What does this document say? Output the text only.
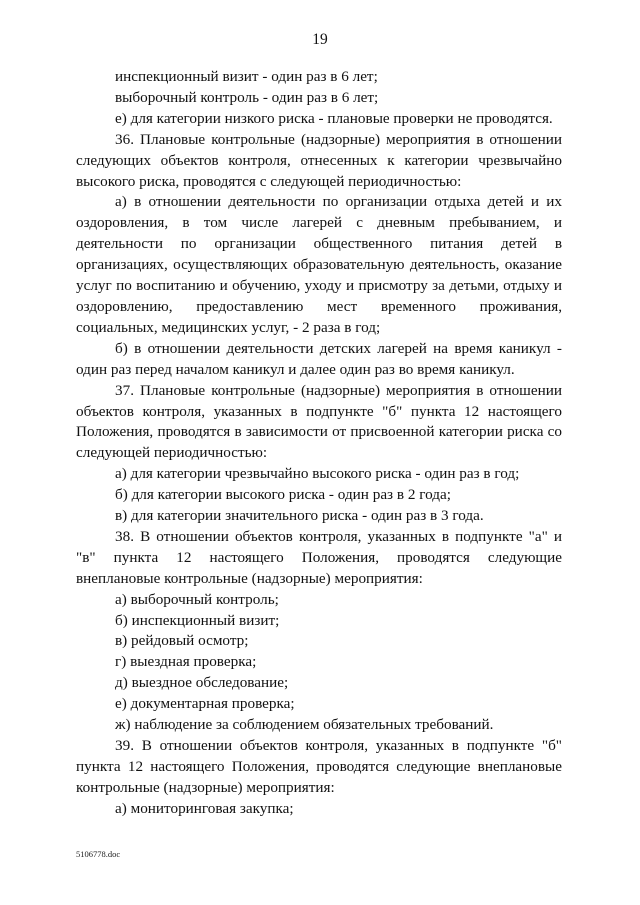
19

инспекционный визит - один раз в 6 лет;

выборочный контроль - один раз в 6 лет;

е) для категории низкого риска - плановые проверки не проводятся.

36. Плановые контрольные (надзорные) мероприятия в отношении следующих объектов контроля, отнесенных к категории чрезвычайно высокого риска, проводятся с следующей периодичностью:

а) в отношении деятельности по организации отдыха детей и их оздоровления, в том числе лагерей с дневным пребыванием, и деятельности по организации общественного питания детей в организациях, осуществляющих образовательную деятельность, оказание услуг по воспитанию и обучению, уходу и присмотру за детьми, отдыху и оздоровлению, предоставлению мест временного проживания, социальных, медицинских услуг, - 2 раза в год;

б) в отношении деятельности детских лагерей на время каникул - один раз перед началом каникул и далее один раз во время каникул.

37. Плановые контрольные (надзорные) мероприятия в отношении объектов контроля, указанных в подпункте "б" пункта 12 настоящего Положения, проводятся в зависимости от присвоенной категории риска со следующей периодичностью:

а) для категории чрезвычайно высокого риска - один раз в год;

б) для категории высокого риска - один раз в 2 года;

в) для категории значительного риска - один раз в 3 года.

38. В отношении объектов контроля, указанных в подпункте "а" и "в" пункта 12 настоящего Положения, проводятся следующие внеплановые контрольные (надзорные) мероприятия:

а) выборочный контроль;

б) инспекционный визит;

в) рейдовый осмотр;

г) выездная проверка;

д) выездное обследование;

е) документарная проверка;

ж) наблюдение за соблюдением обязательных требований.

39. В отношении объектов контроля, указанных в подпункте "б" пункта 12 настоящего Положения, проводятся следующие внеплановые контрольные (надзорные) мероприятия:

а) мониторинговая закупка;

5106778.doc
